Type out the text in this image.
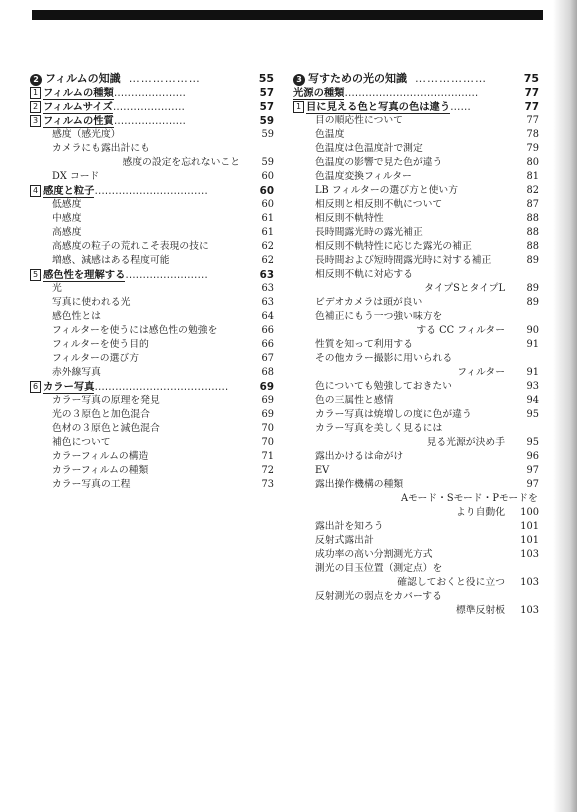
2 フィルムの知識 ………………	55
1 フィルムの種類…………………	57
2 フィルムサイズ…………………	57
3 フィルムの性質…………………	59
感度（感光度）	59
カメラにも露出計にも
感度の設定を忘れないこと 59
DX コード	60
4 感度と粒子……………………………	60
低感度	60
中感度	61
高感度	61
高感度の粒子の荒れこそ表現の技に	62
増感、減感はある程度可能	62
5 感色性を理解する……………………	63
光	63
写真に使われる光	63
感色性とは	64
フィルターを使うには感色性の勉強を	66
フィルターを使う目的	66
フィルターの選び方	67
赤外線写真	68
6 カラー写真…………………………………	69
カラー写真の原理を発見	69
光の３原色と加色混合	69
色材の３原色と減色混合	70
補色について	70
カラーフィルムの構造	71
カラーフィルムの種類	72
カラー写真の工程	73
3 写すための光の知識 ………………	75
光源の種類…………………………………	77
1 目に見える色と写真の色は違う……	77
目の順応性について	77
色温度	78
色温度は色温度計で測定	79
色温度の影響で見た色が違う	80
色温度変換フィルター	81
LB フィルターの選び方と使い方	82
相反則と相反則不軌について	87
相反則不軌特性	88
長時間露光時の露光補正	88
相反則不軌特性に応じた露光の補正	88
長時間および短時間露光時に対する補正	89
相反則不軌に対応する
タイプSとタイプL 89
ビデオカメラは頭が良い	89
色補正にもう一つ強い味方を
する CC フィルター 90
性質を知って利用する	91
その他カラー撮影に用いられる
フィルター 91
色についても勉強しておきたい	93
色の三属性と感情	94
カラー写真は焼増しの度に色が違う	95
カラー写真を美しく見るには
見る光源が決め手 95
露出かけるは命がけ	96
EV	97
露出操作機構の種類	97
Aモード・Sモード・Pモードを
より自動化 100
露出計を知ろう	101
反射式露出計	101
成功率の高い分割測光方式	103
測光の目玉位置（測定点）を
確認しておくと役に立つ 103
反射測光の弱点をカバーする
標準反射板 103
